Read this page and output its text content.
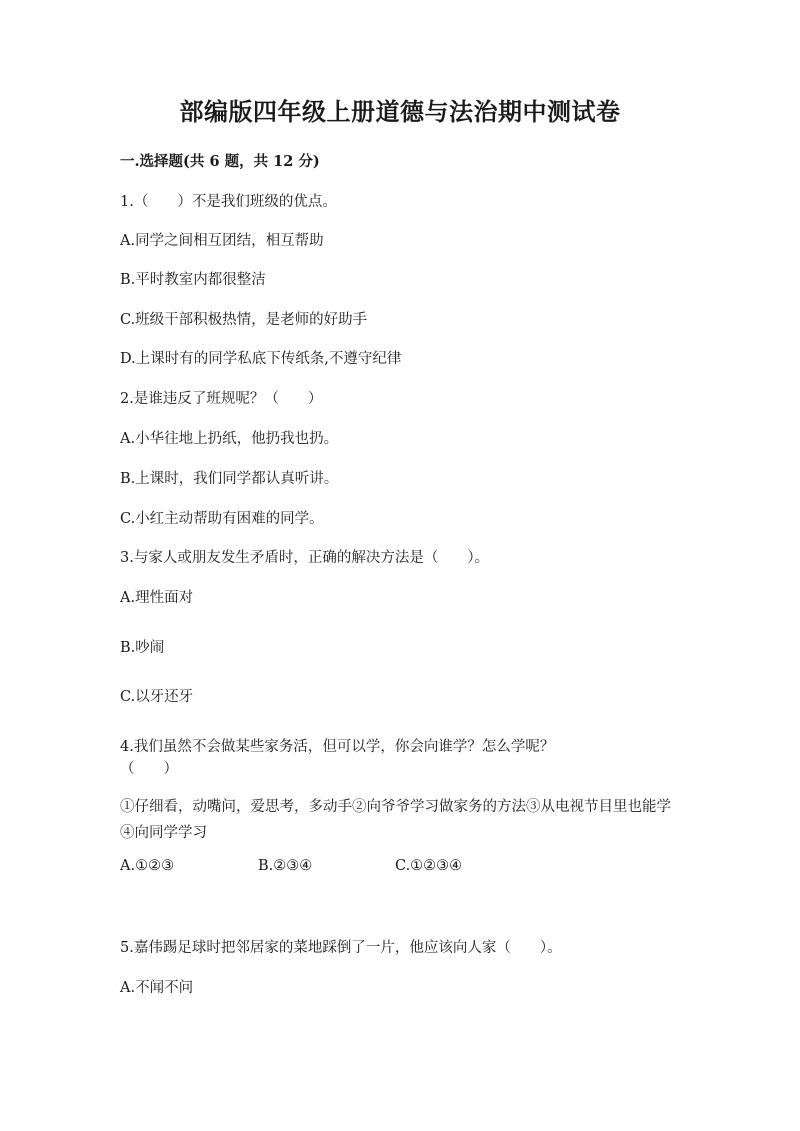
部编版四年级上册道德与法治期中测试卷
一.选择题(共 6 题，共 12 分)
1.（　　）不是我们班级的优点。
A.同学之间相互团结，相互帮助
B.平时教室内都很整洁
C.班级干部积极热情，是老师的好助手
D.上课时有的同学私底下传纸条,不遵守纪律
2.是谁违反了班规呢？（　　）
A.小华往地上扔纸，他扔我也扔。
B.上课时，我们同学都认真听讲。
C.小红主动帮助有困难的同学。
3.与家人或朋友发生矛盾时，正确的解决方法是（　　）。
A.理性面对
B.吵闹
C.以牙还牙
4.我们虽然不会做某些家务活，但可以学，你会向谁学？怎么学呢？
（　　）
①仔细看，动嘴问，爱思考，多动手②向爷爷学习做家务的方法③从电视节目里也能学④向同学学习
A.①②③	B.②③④	C.①②③④
5.嘉伟踢足球时把邻居家的菜地踩倒了一片，他应该向人家（　　）。
A.不闻不问
